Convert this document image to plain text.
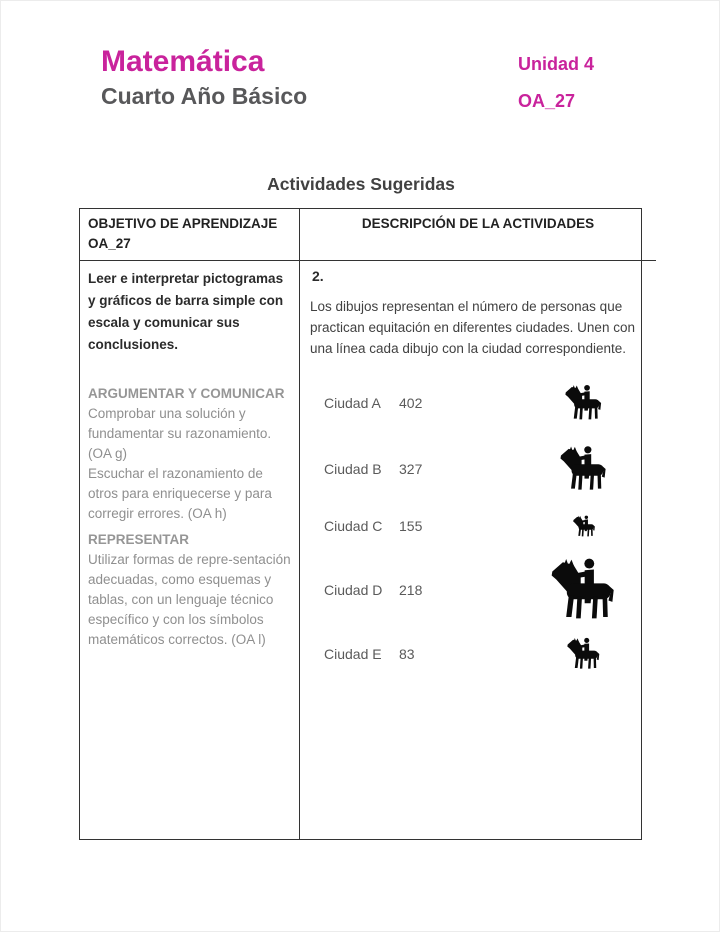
Matemática
Cuarto Año Básico
Unidad 4
OA_27
Actividades Sugeridas
OBJETIVO DE APRENDIZAJE
OA_27
DESCRIPCIÓN DE LA ACTIVIDADES

Leer e interpretar pictogramas y gráficos de barra simple con escala y comunicar sus conclusiones.

ARGUMENTAR Y COMUNICAR

Comprobar una solución y fundamentar su razonamiento. (OA g)

Escuchar el razonamiento de otros para enriquecerse y para corregir errores. (OA h)

REPRESENTAR

Utilizar formas de repre-sentación adecuadas, como esquemas y tablas, con un lenguaje técnico específico y con los símbolos matemáticos correctos. (OA l)

2.

Los dibujos representan el número de personas que practican equitación en diferentes ciudades. Unen con una línea cada dibujo con la ciudad correspondiente.

Ciudad A	402
Ciudad B	327
Ciudad C	155
Ciudad D	218
Ciudad E	83
